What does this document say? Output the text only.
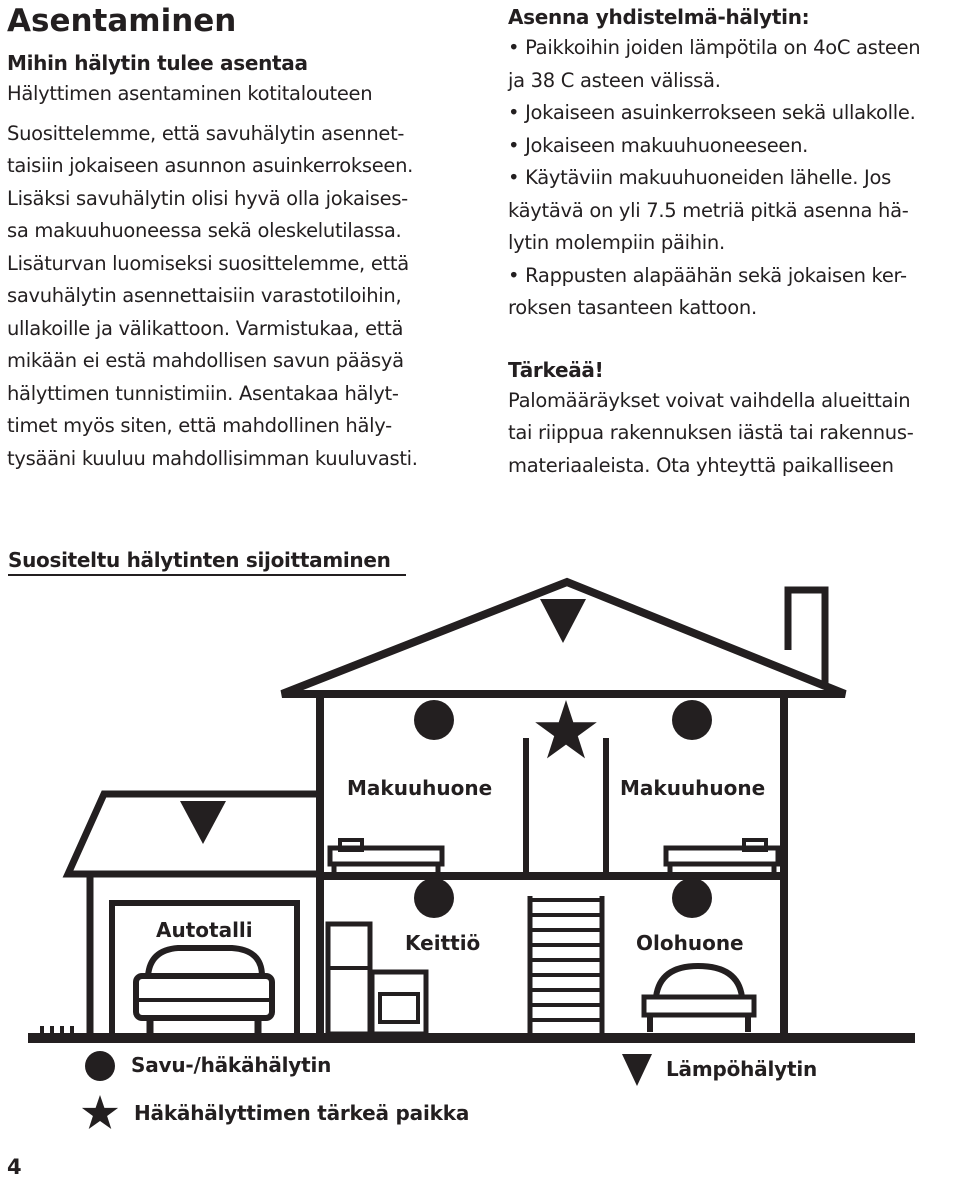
Asentaminen

Mihin hälytin tulee asentaa

Hälyttimen asentaminen kotitalouteen

Suosittelemme, että savuhälytin asennet-

taisiin jokaiseen asunnon asuinkerrokseen.

Lisäksi savuhälytin olisi hyvä olla jokaises-

sa makuuhuoneessa sekä oleskelutilassa.

Lisäturvan luomiseksi suosittelemme, että

savuhälytin asennettaisiin varastotiloihin,

ullakoille ja välikattoon. Varmistukaa, että

mikään ei estä mahdollisen savun pääsyä

hälyttimen tunnistimiin. Asentakaa hälyt-

timet myös siten, että mahdollinen häly-

tysääni kuuluu mahdollisimman kuuluvasti.

Asenna yhdistelmä-hälytin:

• Paikkoihin joiden lämpötila on 4oC asteen

ja 38 C asteen välissä.

• Jokaiseen asuinkerrokseen sekä ullakolle.

• Jokaiseen makuuhuoneeseen.

• Käytäviin makuuhuoneiden lähelle. Jos

käytävä on yli 7.5 metriä pitkä asenna hä-

lytin molempiin päihin.

• Rappusten alapäähän sekä jokaisen ker-

roksen tasanteen kattoon.

Tärkeää!

Palomääräykset voivat vaihdella alueittain

tai riippua rakennuksen iästä tai rakennus-

materiaaleista. Ota yhteyttä paikalliseen

Suositeltu hälytinten sijoittaminen

Makuuhuone	Makuuhuone
Autotalli
Keittiö	Olohuone
Savu-/häkähälytin	Lämpöhälytin
Häkähälyttimen tärkeä paikka
4
